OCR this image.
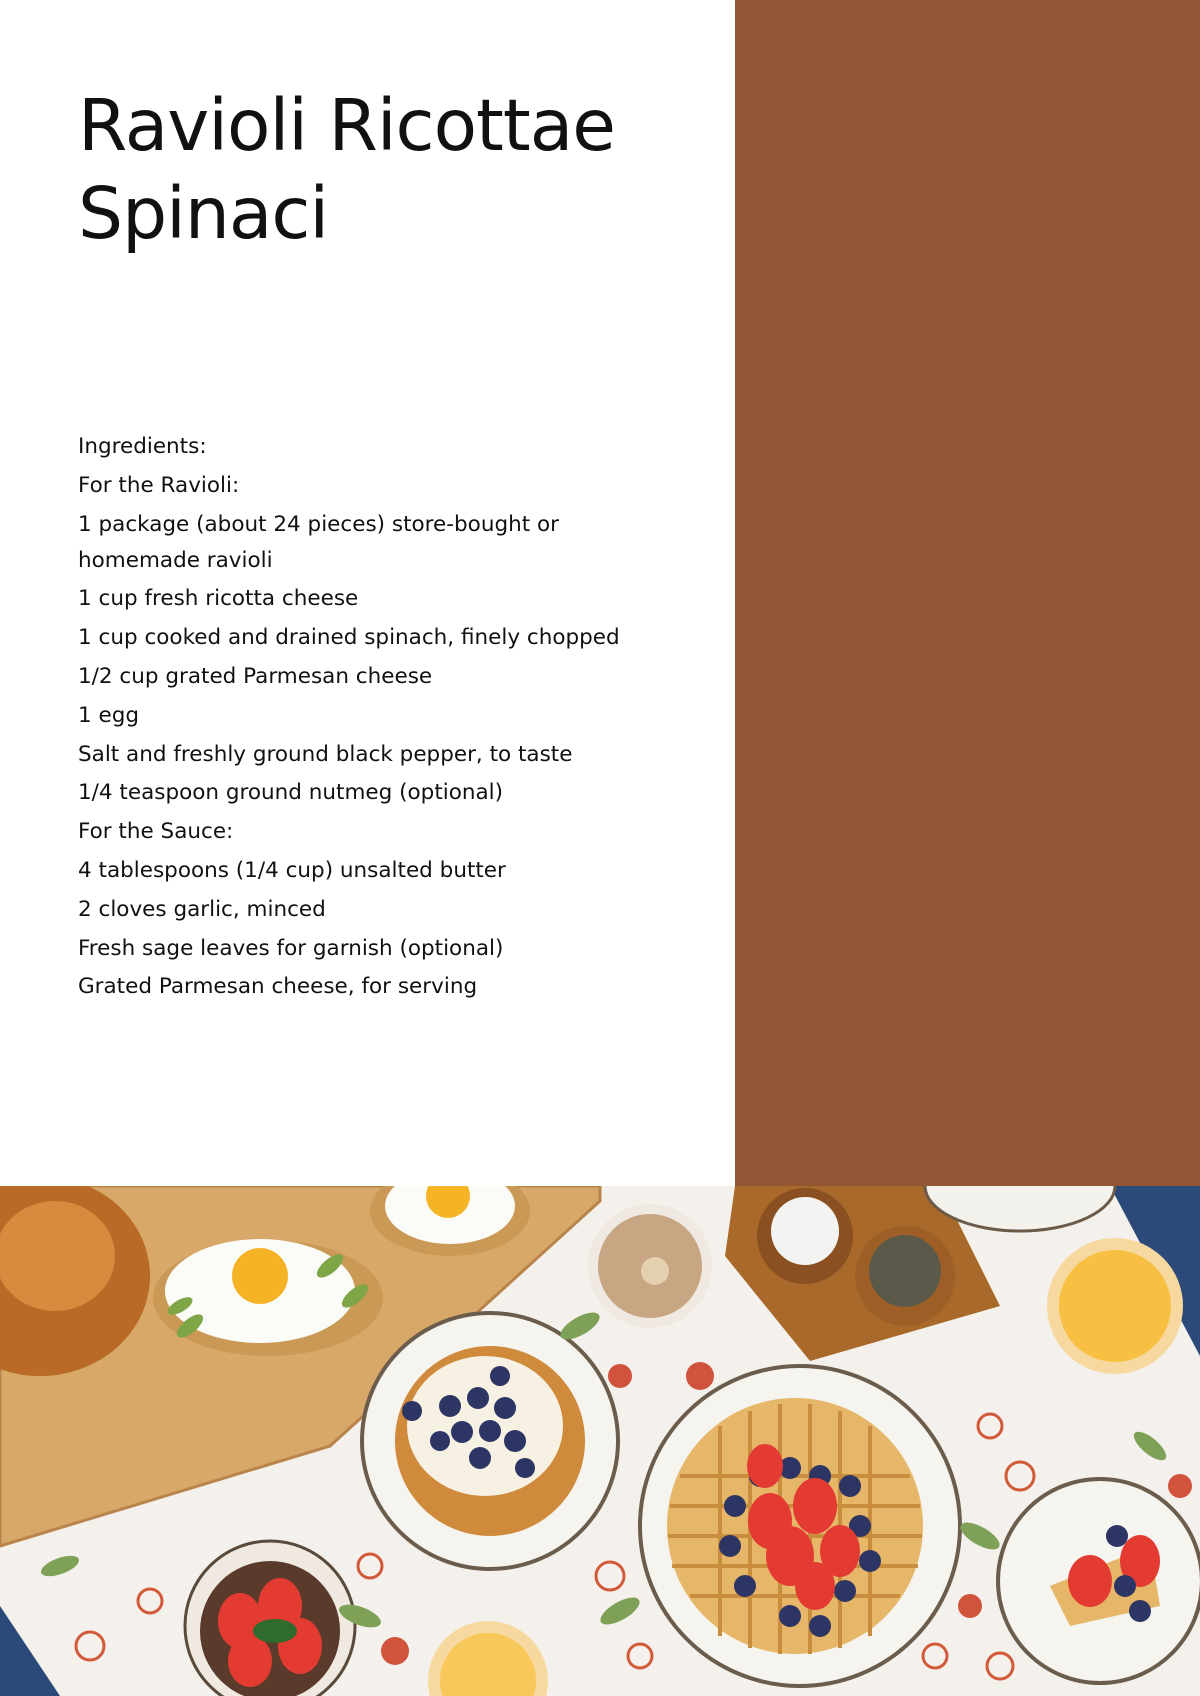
Ravioli Ricottae
Spinaci
Ingredients:
For the Ravioli:
1 package (about 24 pieces) store-bought or homemade ravioli
1 cup fresh ricotta cheese
1 cup cooked and drained spinach, finely chopped
1/2 cup grated Parmesan cheese
1 egg
Salt and freshly ground black pepper, to taste
1/4 teaspoon ground nutmeg (optional)
For the Sauce:
4 tablespoons (1/4 cup) unsalted butter
2 cloves garlic, minced
Fresh sage leaves for garnish (optional)
Grated Parmesan cheese, for serving
